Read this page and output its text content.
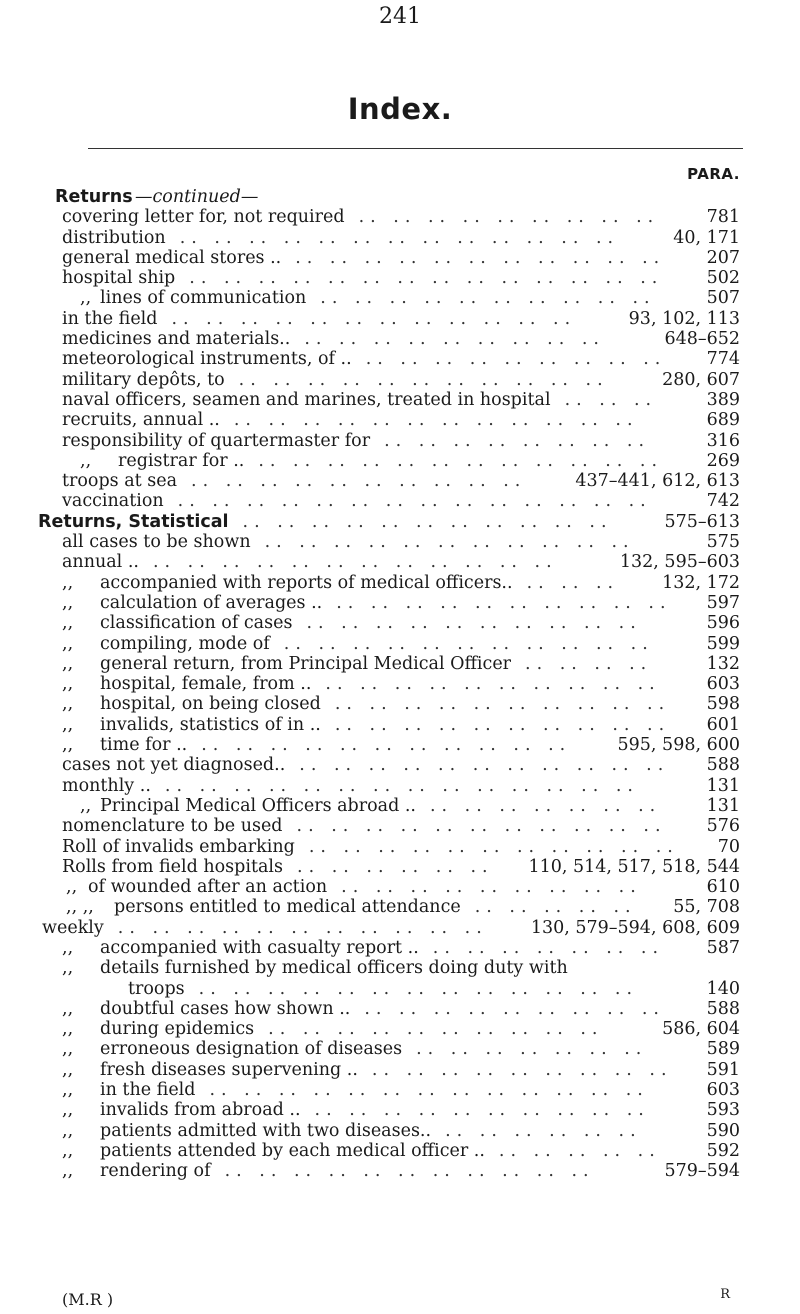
241
Index.
PARA.
Returns —continued—
covering letter for, not required	781
.. .. .. .. .. .. .. .. ..
distribution	40, 171
.. .. .. .. .. .. .. .. .. .. .. .. ..
general medical stores ..	207
.. .. .. .. .. .. .. .. .. .. ..
hospital ship	502
.. .. .. .. .. .. .. .. .. .. .. .. .. ..
,, lines of communication	507
.. .. .. .. .. .. .. .. .. ..
in the field	93, 102, 113
.. .. .. .. .. .. .. .. .. .. .. ..
medicines and materials..	648–652
.. .. .. .. .. .. .. .. ..
meteorological instruments, of ..	774
.. .. .. .. .. .. .. .. ..
military depôts, to	280, 607
.. .. .. .. .. .. .. .. .. .. ..
naval officers, seamen and marines, treated in hospital	389
.. .. ..
recruits, annual ..	689
.. .. .. .. .. .. .. .. .. .. .. ..
responsibility of quartermaster for	316
.. .. .. .. .. .. .. ..
,, registrar for ..	269
.. .. .. .. .. .. .. .. .. .. .. ..
troops at sea	437–441, 612, 613
.. .. .. .. .. .. .. .. .. ..
vaccination	742
.. .. .. .. .. .. .. .. .. .. .. .. .. ..
Returns, Statistical	575–613
.. .. .. .. .. .. .. .. .. .. ..
all cases to be shown	575
.. .. .. .. .. .. .. .. .. .. ..
annual ..	132, 595–603
.. .. .. .. .. .. .. .. .. .. .. ..
,, accompanied with reports of medical officers..	132, 172
.. .. ..
,, calculation of averages ..	597
.. .. .. .. .. .. .. .. .. ..
,, classification of cases	596
.. .. .. .. .. .. .. .. .. ..
,, compiling, mode of	599
.. .. .. .. .. .. .. .. .. .. ..
,, general return, from Principal Medical Officer	132
.. .. .. ..
,, hospital, female, from ..	603
.. .. .. .. .. .. .. .. .. ..
,, hospital, on being closed	598
.. .. .. .. .. .. .. .. .. ..
,, invalids, statistics of in ..	601
.. .. .. .. .. .. .. .. .. ..
,, time for ..	595, 598, 600
.. .. .. .. .. .. .. .. .. .. ..
cases not yet diagnosed..	588
.. .. .. .. .. .. .. .. .. .. ..
monthly ..	131
.. .. .. .. .. .. .. .. .. .. .. .. .. ..
,, Principal Medical Officers abroad ..	131
.. .. .. .. .. .. ..
nomenclature to be used	576
.. .. .. .. .. .. .. .. .. .. ..
Roll of invalids embarking	70
.. .. .. .. .. .. .. .. .. .. ..
Rolls from field hospitals	110, 514, 517, 518, 544
.. .. .. .. .. ..
,, of wounded after an action	610
.. .. .. .. .. .. .. .. ..
,, ,, persons entitled to medical attendance	55, 708
.. .. .. .. ..
weekly	130, 579–594, 608, 609
.. .. .. .. .. .. .. .. .. .. ..
,, accompanied with casualty report ..	587
.. .. .. .. .. .. ..
,, details furnished by medical officers doing duty with
troops	140
.. .. .. .. .. .. .. .. .. .. .. .. ..
,, doubtful cases how shown ..	588
.. .. .. .. .. .. .. .. ..
,, during epidemics	586, 604
.. .. .. .. .. .. .. .. .. ..
,, erroneous designation of diseases	589
.. .. .. .. .. .. ..
,, fresh diseases supervening ..	591
.. .. .. .. .. .. .. .. ..
,, in the field	603
.. .. .. .. .. .. .. .. .. .. .. .. ..
,, invalids from abroad ..	593
.. .. .. .. .. .. .. .. .. ..
,, patients admitted with two diseases..	590
.. .. .. .. .. ..
,, patients attended by each medical officer ..	592
.. .. .. .. ..
,, rendering of	579–594
.. .. .. .. .. .. .. .. .. .. ..
(M.R )	R
